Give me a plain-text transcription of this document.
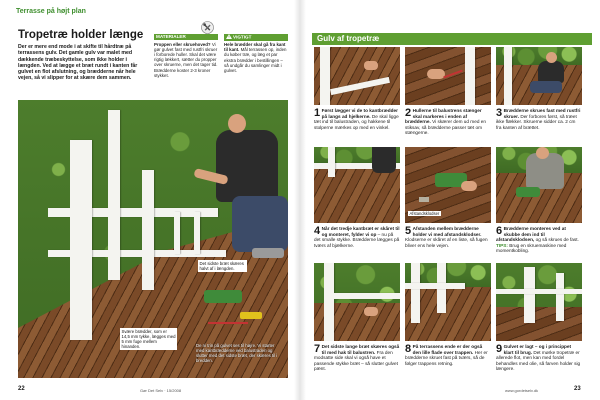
Terrasse på højt plan
Tropetræ holder længe
Der er mere end mode i at skifte til hårdtræ på terrassens gulv. Det gamle gulv var malet med dækkende træbeskyttelse, som ikke holder i længden. Ved at lægge et bræt rundt i kanten får gulvet en flot afslutning, og brædderne når hele vejen, så vi slipper for at skære dem sammen.
MATERIALER
Proppen eller skruehoved? Vi gør gulvet fast med rustfri skruer i forborede huller. Skal det være rigtig lækkert, sætter du propper over skruerne, men det tager tid. Brædderne koster 2-3 kroner stykket.
VIGTIGT
Hele brædder skal gå fra kant til kant. Mål terrassen op, inden du køber træ, og læg et par ekstra brædder i bestillingen – så undgår du samlinger midt i gulvet.
Det sidste bræt skæres halvt af i længden.
Svære brædder, som er 14,5 mm tykke, lægges med 5 mm fuge mellem hinanden.	De ni trin på gulvet ses til højre. Vi starter med kantbrædderne ved balustraden og slutter med det sidste bræt, der skæres til i bredden.
22	Gør Det Selv · 15/2008
Gulv af tropetræ
1 Først lægger vi de to kantbrædder på langs ad hjelkerne. De skal ligge tæt ind til balustraden, og hakkene til stolperne mærkes op med en vinkel.
2 Hullerne til balustrens stænger skal markeres i enden af brædderne. Vi skærer dem ud med en stiksav, så brædderne passer tæt om stængerne.
3 Brædderne skrues fast med rustfri skruer. Der forbores først, så træet ikke flækker. Skruerne sidder ca. 2 cm fra kanten af brættet.
Afstandsklodser
4 Når det tredje kantbræt er skåret til og monteret, fylder vi op – nu på det smalle stykke. Brædderne lægges på tværs af bjælkerne.
5 Afstanden mellem brædderne holder vi med afstandsklodser. Klodserne er skåret af en liste, så fugen bliver ens hele vejen.
6 Brædderne monteres ved at skubbe dem ind til afstandsklodsen, og så skrues de fast. TIPS: Brug en skruemaskine med momentkobling.
7 Det sidste lange bræt skæres også til med hak til balustren. Fra den modsatte side skal vi også have et passende stykke bræt – så slutter gulvet pænt.
8 På terrassens ende er der også den lille flade over trappen. Her er brædderne skruet fast på tværs, så de følger trappens retning.
9 Gulvet er lagt – og i princippet klart til brug. Det mørke tropetræ er allerede flot, men kan med fordel behandles med olie, så farven holder sig længere.
www.gordetselv.dk	23
